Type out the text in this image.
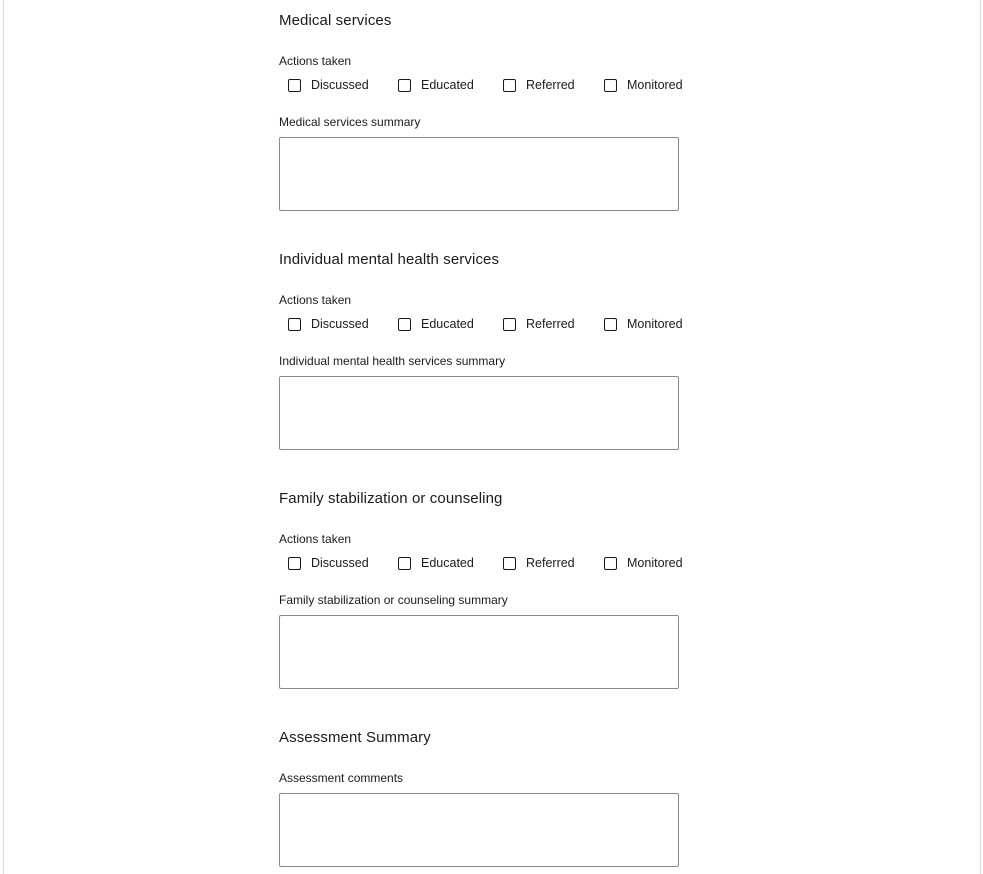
Medical services
Actions taken
Discussed	Educated	Referred	Monitored
Medical services summary
Individual mental health services
Actions taken
Discussed	Educated	Referred	Monitored
Individual mental health services summary
Family stabilization or counseling
Actions taken
Discussed	Educated	Referred	Monitored
Family stabilization or counseling summary
Assessment Summary
Assessment comments
